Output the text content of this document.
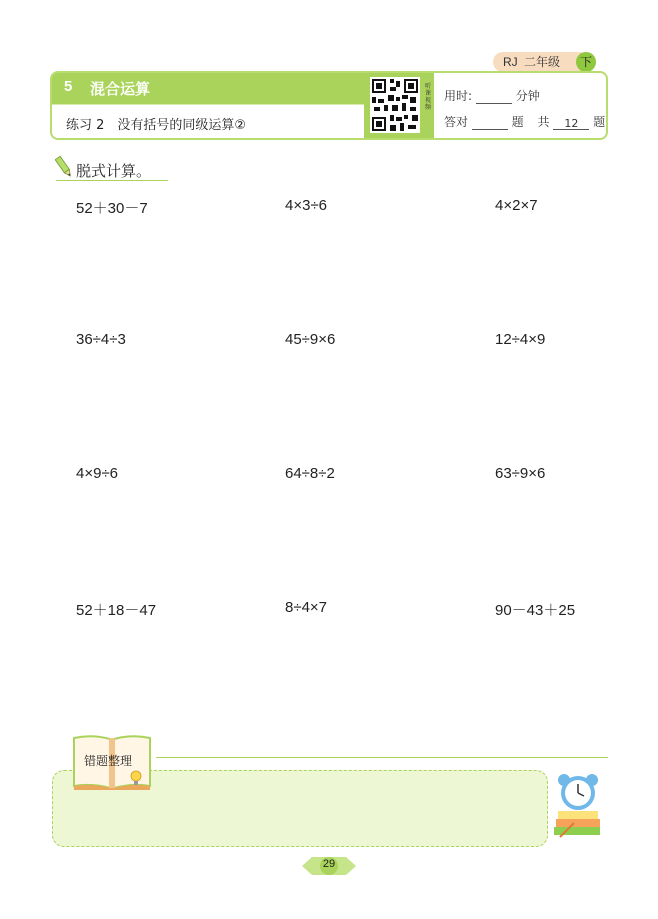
RJ 二年级	下
5 混合运算
练习 2　没有括号的同级运算②
听课视频
用时:	分钟
答对	题 共 12 题
脱式计算。
52＋30－7	4×3÷6	4×2×7
36÷4÷3	45÷9×6	12÷4×9
4×9÷6	64÷8÷2	63÷9×6
52＋18－47	8÷4×7	90－43＋25
错题整理
29
